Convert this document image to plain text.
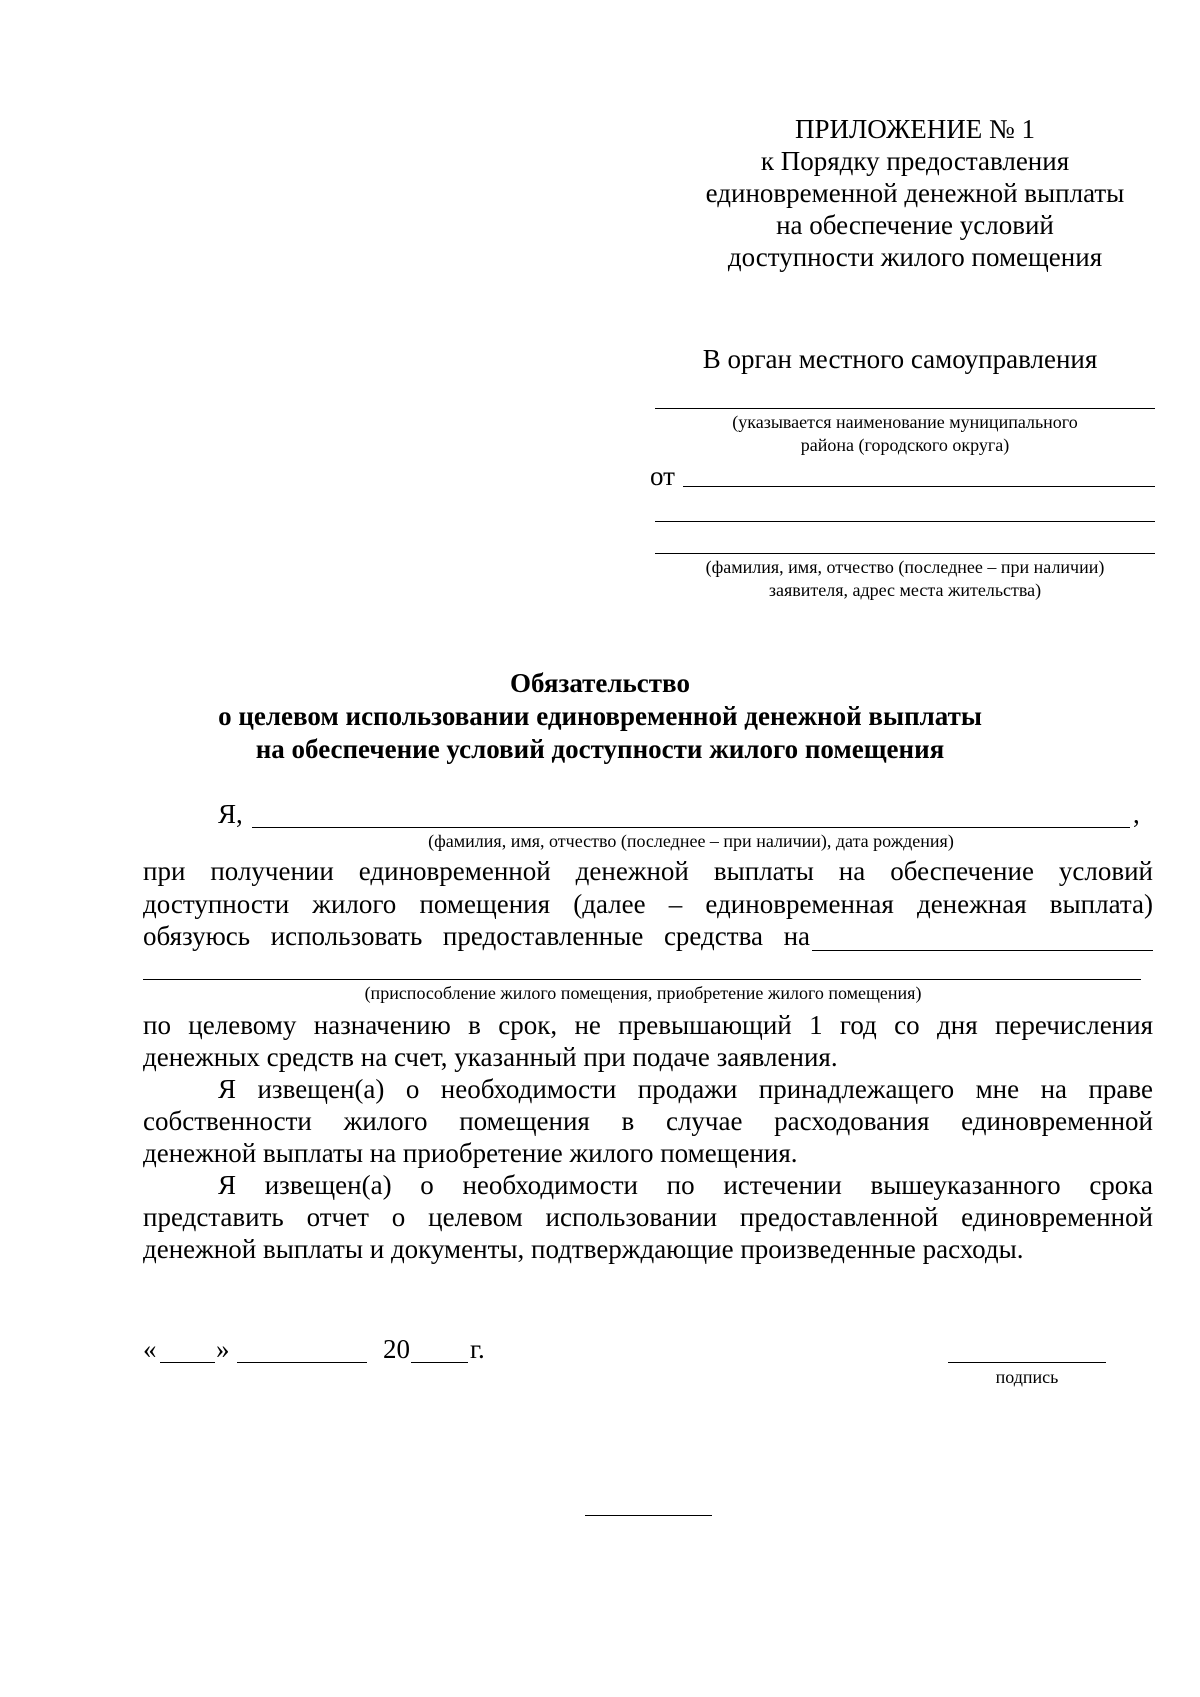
ПРИЛОЖЕНИЕ № 1
к Порядку предоставления
единовременной денежной выплаты
на обеспечение условий
доступности жилого помещения
В орган местного самоуправления
(указывается наименование муниципального
района (городского округа)
от
(фамилия, имя, отчество (последнее – при наличии)
заявителя, адрес места жительства)
Обязательство
о целевом использовании единовременной денежной выплаты
на обеспечение условий доступности жилого помещения
Я,	,
(фамилия, имя, отчество (последнее – при наличии), дата рождения)
при получении единовременной денежной выплаты на обеспечение условий
доступности жилого помещения (далее – единовременная денежная выплата)
обязуюсь использовать предоставленные средства на
(приспособление жилого помещения, приобретение жилого помещения)
по целевому назначению в срок, не превышающий 1 год со дня перечисления
денежных средств на счет, указанный при подаче заявления.
Я извещен(а) о необходимости продажи принадлежащего мне на праве
собственности жилого помещения в случае расходования единовременной
денежной выплаты на приобретение жилого помещения.
Я извещен(а) о необходимости по истечении вышеуказанного срока
представить отчет о целевом использовании предоставленной единовременной
денежной выплаты и документы, подтверждающие произведенные расходы.
« »	20 г.
подпись
